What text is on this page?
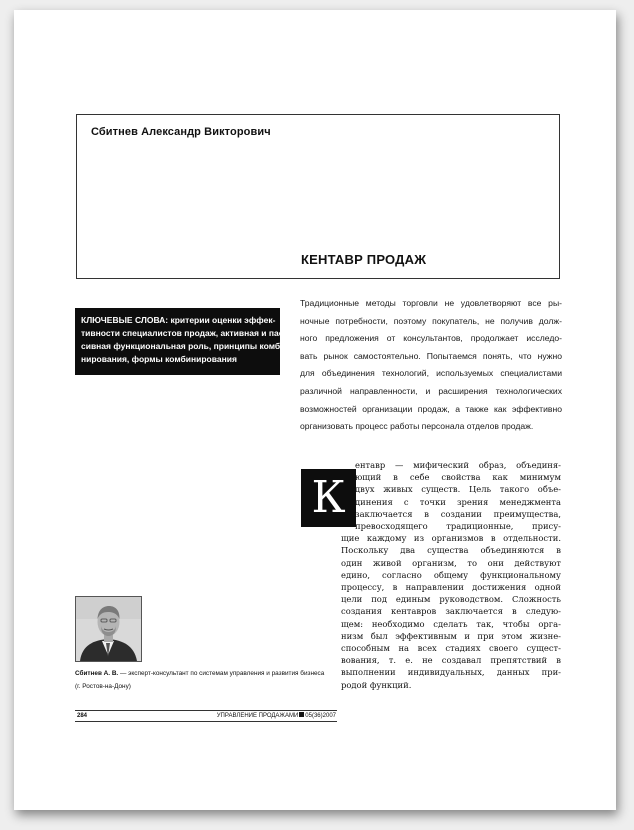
Сбитнев Александр Викторович
КЕНТАВР ПРОДАЖ
КЛЮЧЕВЫЕ СЛОВА: критерии оценки эффек-
тивности специалистов продаж, активная и пас-
сивная функциональная роль, принципы комби-
нирования, формы комбинирования
Традиционные методы торговли не удовлетворяют все ры-
ночные потребности, поэтому покупатель, не получив долж-
ного предложения от консультантов, продолжает исследо-
вать рынок самостоятельно. Попытаемся понять, что нужно
для объединения технологий, используемых специалистами
различной направленности, и расширения технологических
возможностей организации продаж, а также как эффективно
организовать процесс работы персонала отделов продаж.
К
ентавр — мифический образ, объединя-
ющий в себе свойства как минимум
двух живых существ. Цель такого объе-
динения с точки зрения менеджмента
заключается в создании преимущества,
превосходящего традиционные, прису-
щие каждому из организмов в отдельности.
Поскольку два существа объединяются в
один живой организм, то они действуют
едино, согласно общему функциональному
процессу, в направлении достижения одной
цели под единым руководством. Сложность
создания кентавров заключается в следую-
щем: необходимо сделать так, чтобы орга-
низм был эффективным и при этом жизне-
способным на всех стадиях своего сущест-
вования, т. е. не создавал препятствий в
выполнении индивидуальных, данных при-
родой функций.
Сбитнев А. В. — эксперт-консультант по системам управления и развития бизнеса
(г. Ростов-на-Дону)
284	УПРАВЛЕНИЕ ПРОДАЖАМИ 05(36)2007
